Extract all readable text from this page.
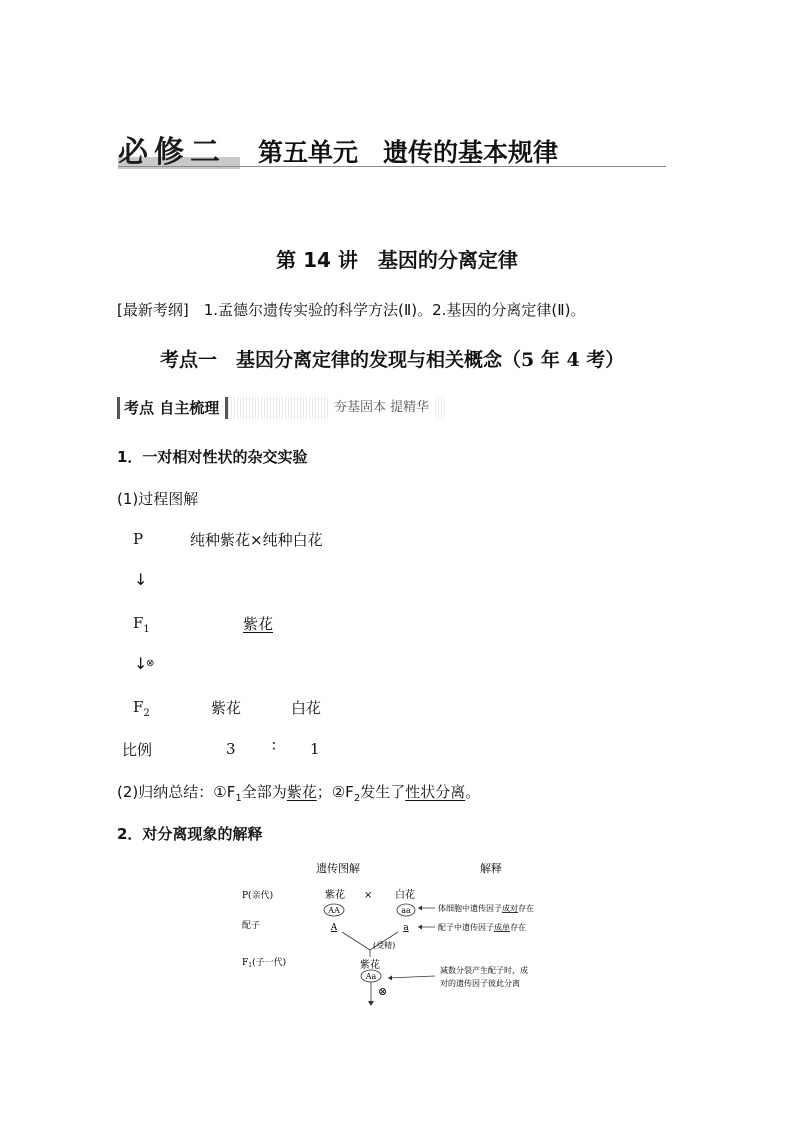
必修二 第五单元　遗传的基本规律
第 14 讲　基因的分离定律
[最新考纲]　1.孟德尔遗传实验的科学方法(Ⅱ)。2.基因的分离定律(Ⅱ)。
考点一　基因分离定律的发现与相关概念（5 年 4 考）
考点 自主梳理	夯基固本 提精华
1．一对相对性状的杂交实验
(1)过程图解
P	纯种紫花×纯种白花
↓
$F_1$	紫花
↓
⊗
$F_2$	紫花	白花
比例	3 ∶ 1
(2)归纳总结：$①F_1$全部为紫花；$②F_2$发生了性状分离。
2．对分离现象的解释
遗传图解	解释
P(亲代)
配子
$F_1$(子一代)
紫花 × 白花
AA	aa
A	a
(受精)
紫花
Aa
⊗
体细胞中遗传因子成对存在
配子中遗传因子成单存在
减数分裂产生配子时，成
对的遗传因子彼此分离
